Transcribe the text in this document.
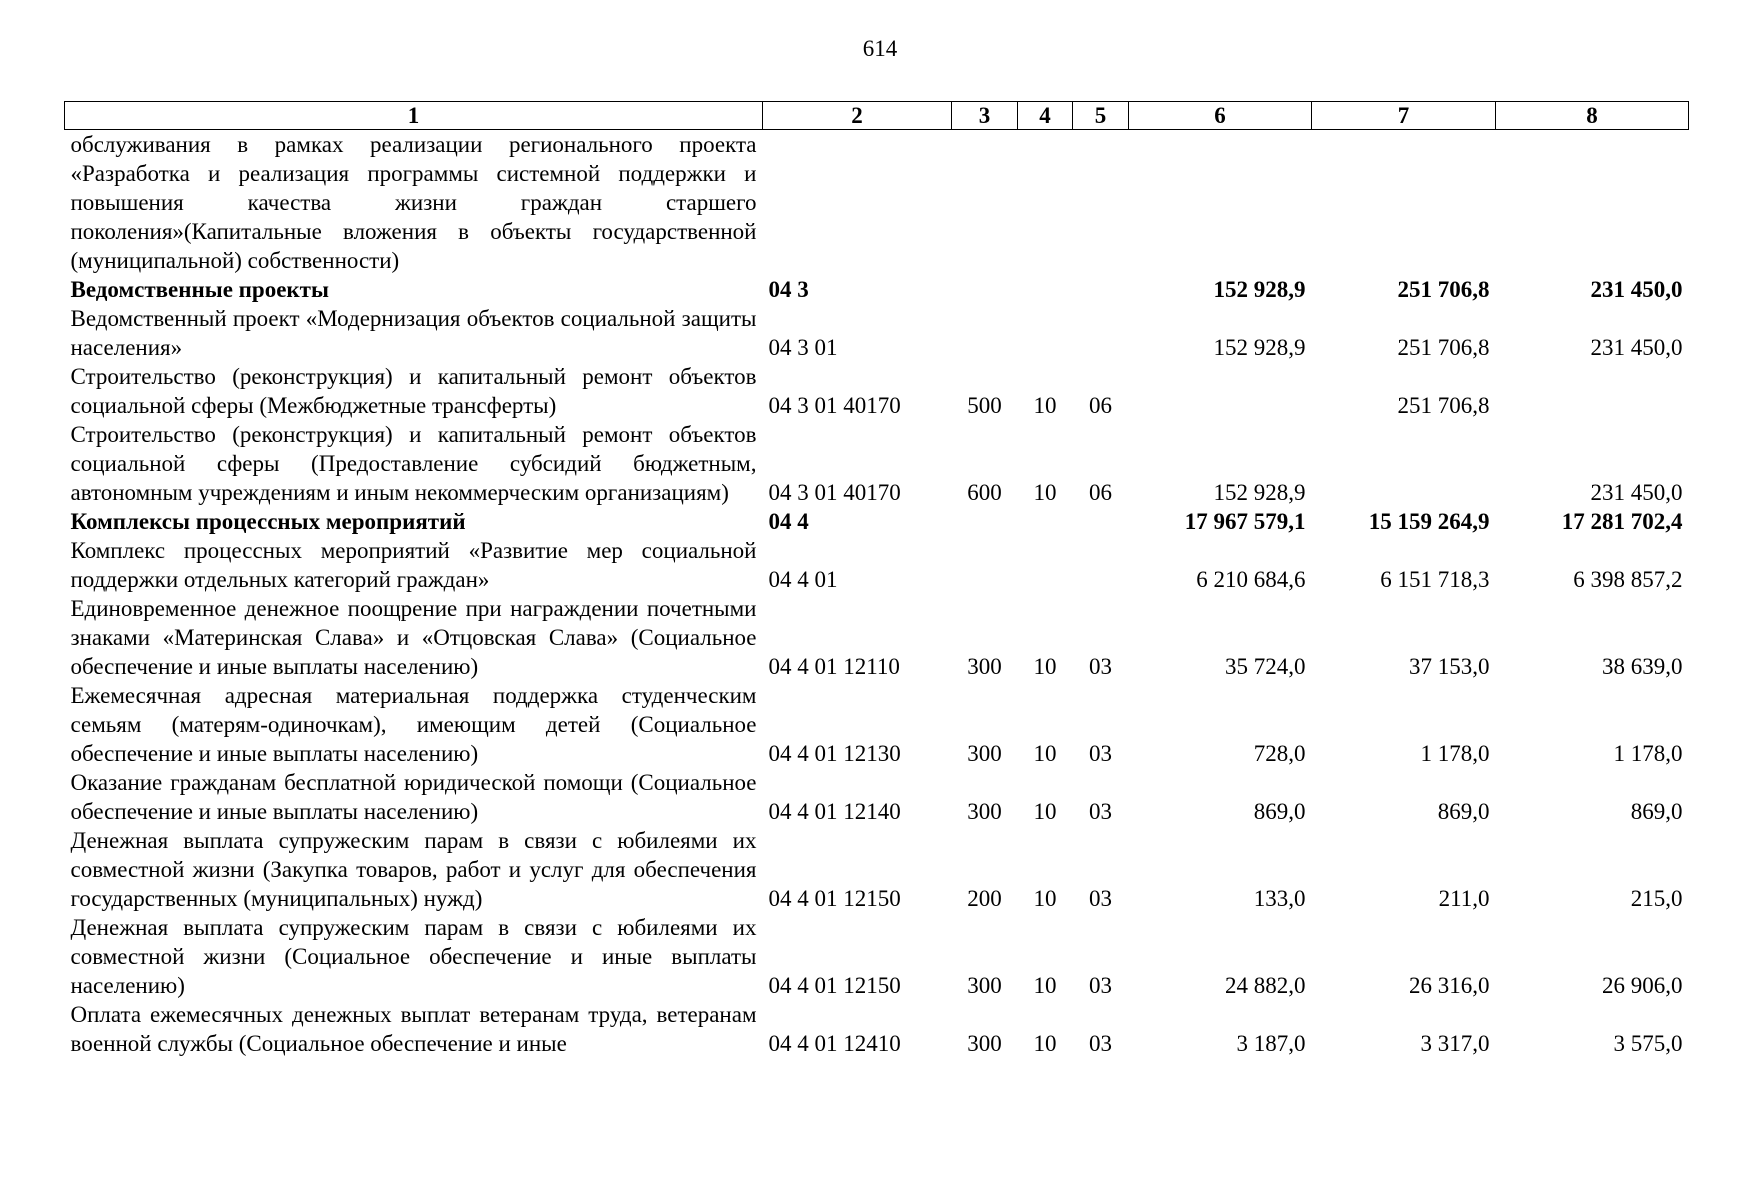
614
1	2	3	4	5	6	7	8
обслуживания в рамках реализации регионального проекта «Разработка и реализация программы системной поддержки и повышения качества жизни граждан старшего поколения»(Капитальные вложения в объекты государственной (муниципальной) собственности)							
Ведомственные проекты	04 3				152 928,9	251 706,8	231 450,0
Ведомственный проект «Модернизация объектов социальной защиты населения»	04 3 01				152 928,9	251 706,8	231 450,0
Строительство (реконструкция) и капитальный ремонт объектов социальной сферы (Межбюджетные трансферты)	04 3 01 40170	500	10	06		251 706,8	
Строительство (реконструкция) и капитальный ремонт объектов социальной сферы (Предоставление субсидий бюджетным, автономным учреждениям и иным некоммерческим организациям)	04 3 01 40170	600	10	06	152 928,9		231 450,0
Комплексы процессных мероприятий	04 4				17 967 579,1	15 159 264,9	17 281 702,4
Комплекс процессных мероприятий «Развитие мер социальной поддержки отдельных категорий граждан»	04 4 01				6 210 684,6	6 151 718,3	6 398 857,2
Единовременное денежное поощрение при награждении почетными знаками «Материнская Слава» и «Отцовская Слава» (Социальное обеспечение и иные выплаты населению)	04 4 01 12110	300	10	03	35 724,0	37 153,0	38 639,0
Ежемесячная адресная материальная поддержка студенческим семьям (матерям-одиночкам), имеющим детей (Социальное обеспечение и иные выплаты населению)	04 4 01 12130	300	10	03	728,0	1 178,0	1 178,0
Оказание гражданам бесплатной юридической помощи (Социальное обеспечение и иные выплаты населению)	04 4 01 12140	300	10	03	869,0	869,0	869,0
Денежная выплата супружеским парам в связи с юбилеями их совместной жизни (Закупка товаров, работ и услуг для обеспечения государственных (муниципальных) нужд)	04 4 01 12150	200	10	03	133,0	211,0	215,0
Денежная выплата супружеским парам в связи с юбилеями их совместной жизни (Социальное обеспечение и иные выплаты населению)	04 4 01 12150	300	10	03	24 882,0	26 316,0	26 906,0
Оплата ежемесячных денежных выплат ветеранам труда, ветеранам военной службы (Социальное обеспечение и иные	04 4 01 12410	300	10	03	3 187,0	3 317,0	3 575,0
